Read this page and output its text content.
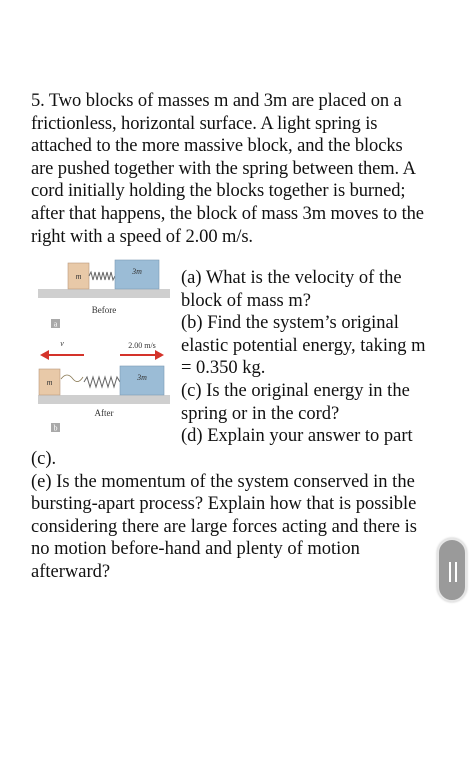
5. Two blocks of masses m and 3m are placed on a
frictionless, horizontal surface. A light spring is
attached to the more massive block, and the blocks
are pushed together with the spring between them. A
cord initially holding the blocks together is burned;
after that happens, the block of mass 3m moves to the
right with a speed of 2.00 m/s.
m
3m
Before
a
v	2.00 m/s
m
3m
After
b
(a) What is the velocity of the
block of mass m?
(b) Find the system’s original
elastic potential energy, taking m
= 0.350 kg.
(c) Is the original energy in the
spring or in the cord?
(d) Explain your answer to part
(c).
(e) Is the momentum of the system conserved in the
bursting-apart process? Explain how that is possible
considering there are large forces acting and there is
no motion before-hand and plenty of motion
afterward?
